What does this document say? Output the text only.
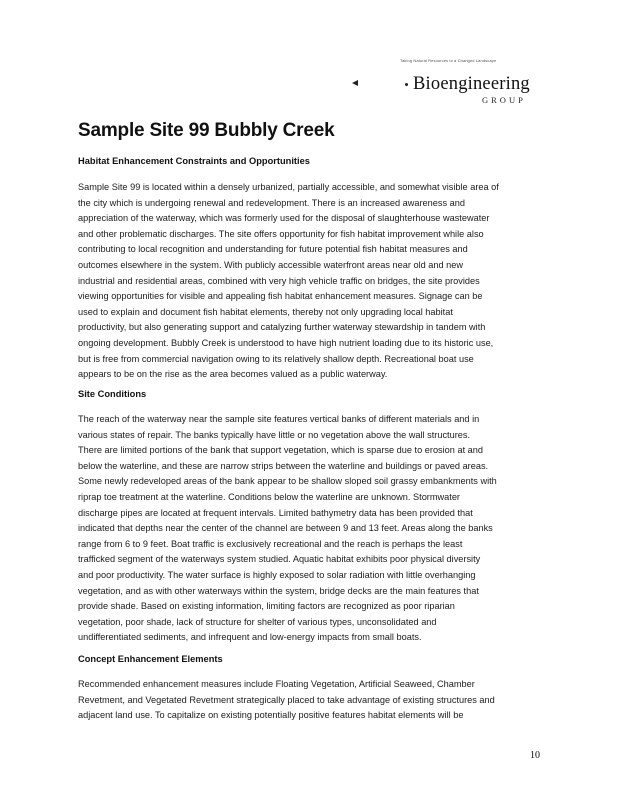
Taking Natural Resources to a Changed Landscape
Bioengineering
GROUP
Sample Site 99 Bubbly Creek
Habitat Enhancement Constraints and Opportunities
Sample Site 99 is located within a densely urbanized, partially accessible, and somewhat visible area of
the city which is undergoing renewal and redevelopment. There is an increased awareness and
appreciation of the waterway, which was formerly used for the disposal of slaughterhouse wastewater
and other problematic discharges. The site offers opportunity for fish habitat improvement while also
contributing to local recognition and understanding for future potential fish habitat measures and
outcomes elsewhere in the system. With publicly accessible waterfront areas near old and new
industrial and residential areas, combined with very high vehicle traffic on bridges, the site provides
viewing opportunities for visible and appealing fish habitat enhancement measures. Signage can be
used to explain and document fish habitat elements, thereby not only upgrading local habitat
productivity, but also generating support and catalyzing further waterway stewardship in tandem with
ongoing development. Bubbly Creek is understood to have high nutrient loading due to its historic use,
but is free from commercial navigation owing to its relatively shallow depth. Recreational boat use
appears to be on the rise as the area becomes valued as a public waterway.
Site Conditions
The reach of the waterway near the sample site features vertical banks of different materials and in
various states of repair. The banks typically have little or no vegetation above the wall structures.
There are limited portions of the bank that support vegetation, which is sparse due to erosion at and
below the waterline, and these are narrow strips between the waterline and buildings or paved areas.
Some newly redeveloped areas of the bank appear to be shallow sloped soil grassy embankments with
riprap toe treatment at the waterline. Conditions below the waterline are unknown. Stormwater
discharge pipes are located at frequent intervals. Limited bathymetry data has been provided that
indicated that depths near the center of the channel are between 9 and 13 feet. Areas along the banks
range from 6 to 9 feet. Boat traffic is exclusively recreational and the reach is perhaps the least
trafficked segment of the waterways system studied. Aquatic habitat exhibits poor physical diversity
and poor productivity. The water surface is highly exposed to solar radiation with little overhanging
vegetation, and as with other waterways within the system, bridge decks are the main features that
provide shade. Based on existing information, limiting factors are recognized as poor riparian
vegetation, poor shade, lack of structure for shelter of various types, unconsolidated and
undifferentiated sediments, and infrequent and low-energy impacts from small boats.
Concept Enhancement Elements
Recommended enhancement measures include Floating Vegetation, Artificial Seaweed, Chamber
Revetment, and Vegetated Revetment strategically placed to take advantage of existing structures and
adjacent land use. To capitalize on existing potentially positive features habitat elements will be
10
